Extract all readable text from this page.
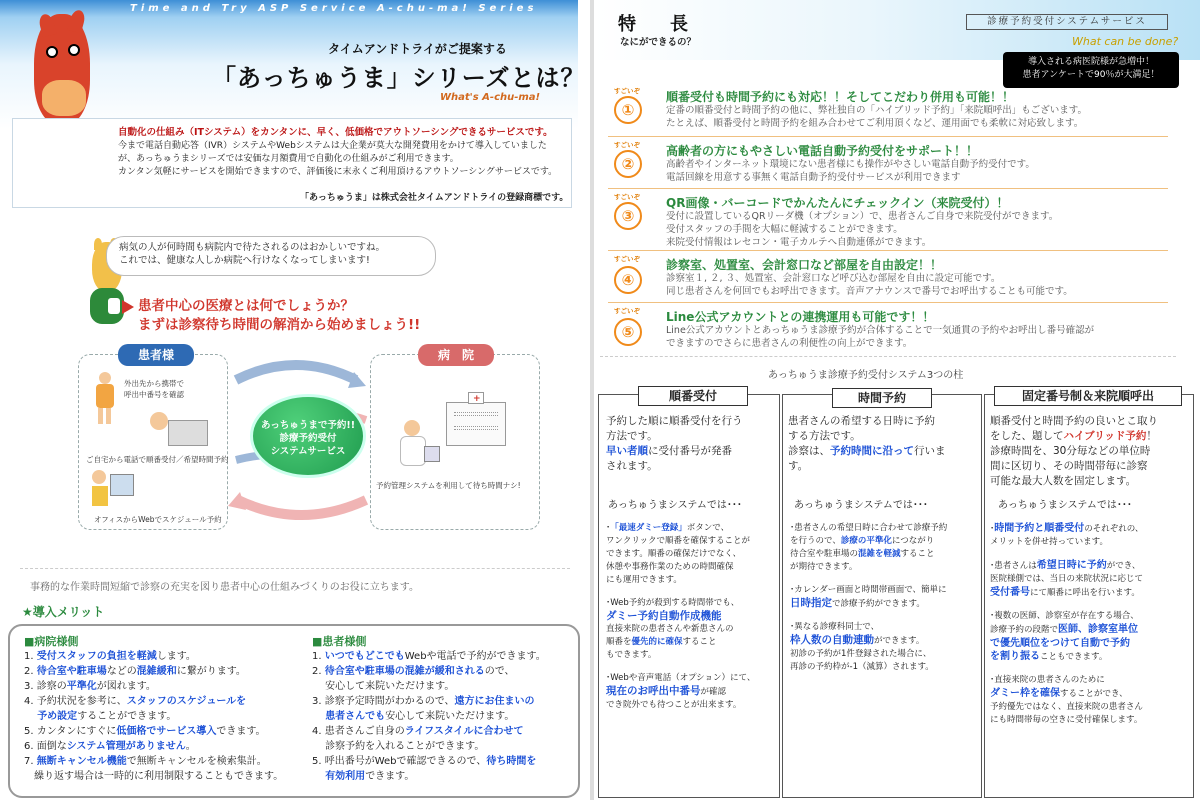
Time and Try ASP Service A-chu-ma! Series
タイムアンドトライがご提案する
「あっちゅうま」シリーズとは？
What's A-chu-ma!
自動化の仕組み（ITシステム）をカンタンに、早く、低価格でアウトソーシングできるサービスです。
今まで電話自動応答（IVR）システムやWebシステムは大企業が莫大な開発費用をかけて導入していました
が、あっちゅうまシリーズでは安価な月額費用で自動化の仕組みがご利用できます。
カンタン気軽にサービスを開始できますので、評価後に末永くご利用頂けるアウトソーシングサービスです。
「あっちゅうま」は株式会社タイムアンドトライの登録商標です。
病気の人が何時間も病院内で待たされるのはおかしいですね。
これでは、健康な人しか病院へ行けなくなってしまいます!
患者中心の医療とは何でしょうか？
まずは診察待ち時間の解消から始めましょう!!
患者様	病　院
あっちゅうまで予約!!
診療予約受付
システムサービス
外出先から携帯で
呼出中番号を確認
ご自宅から電話で順番受付／希望時間予約
オフィスからWebでスケジュール予約
+
予約管理システムを利用して待ち時間ナシ!
事務的な作業時間短縮で診察の充実を図り患者中心の仕組みづくりのお役に立ちます。
★導入メリット
■病院様側
1. 受付スタッフの負担を軽減します。
2. 待合室や駐車場などの混雑緩和に繋がります。
3. 診察の平準化が図れます。
4. 予約状況を参考に、スタッフのスケジュールを
　 予め設定することができます。
5. カンタンにすぐに低価格でサービス導入できます。
6. 面倒なシステム管理がありません。
7. 無断キャンセル機能で無断キャンセルを検索集計。
　繰り返す場合は一時的に利用制限することもできます。
■患者様側
1. いつでもどこでもWebや電話で予約ができます。
2. 待合室や駐車場の混雑が緩和されるので、
　 安心して来院いただけます。
3. 診察予定時間がわかるので、遠方にお住まいの
　 患者さんでも安心して来院いただけます。
4. 患者さんご自身のライフスタイルに合わせて
　 診察予約を入れることができます。
5. 呼出番号がWebで確認できるので、待ち時間を
　 有効利用できます。
特　長
なにができるの？
診療予約受付システムサービス
What can be done?
導入される病医院様が急増中！
患者アンケートで90％が大満足！
すごいぞ
①
順番受付も時間予約にも対応！！そしてこだわり併用も可能！！
定番の順番受付と時間予約の他に、弊社独自の「ハイブリッド予約」「来院順呼出」もございます。
たとえば、順番受付と時間予約を組み合わせてご利用頂くなど、運用面でも柔軟に対応致します。
すごいぞ
②
高齢者の方にもやさしい電話自動予約受付をサポート！！
高齢者やインターネット環境にない患者様にも操作がやさしい電話自動予約受付です。
電話回線を用意する事無く電話自動予約受付サービスが利用できます
すごいぞ
③
QR画像・バーコードでかんたんにチェックイン（来院受付）！
受付に設置しているQRリーダ機（オプション）で、患者さんご自身で来院受付ができます。
受付スタッフの手間を大幅に軽減することができます。
来院受付情報はレセコン・電子カルテへ自動連係ができます。
すごいぞ
④
診察室、処置室、会計窓口など部屋を自由設定！！
診察室１, ２, ３、処置室、会計窓口など呼び込む部屋を自由に設定可能です。
同じ患者さんを何回でもお呼出できます。音声アナウンスで番号でお呼出することも可能です。
すごいぞ
⑤
Line公式アカウントとの連携運用も可能です！！
Line公式アカウントとあっちゅうま診療予約が合体することで一気通貫の予約やお呼出し番号確認が
できますのでさらに患者さんの利便性の向上ができます。
あっちゅうま診療予約受付システム3つの柱
順番受付
予約した順に順番受付を行う
方法です。
早い者順に受付番号が発番
されます。
あっちゅうまシステムでは･･･
･「最速ダミー登録」ボタンで、
ワンクリックで順番を確保することが
できます。順番の確保だけでなく、
休憩や事務作業のための時間確保
にも運用できます。
･Web予約が殺到する時間帯でも、
ダミー予約自動作成機能
直接来院の患者さんや新患さんの
順番を優先的に確保すること
もできます。
･Webや音声電話（オプション）にて、
現在のお呼出中番号が確認
でき院外でも待つことが出来ます。
時間予約
患者さんの希望する日時に予約
する方法です。
診察は、予約時間に沿って行いま
す。
あっちゅうまシステムでは･･･
･患者さんの希望日時に合わせて診療予約
を行うので、診療の平準化につながり
待合室や駐車場の混雑を軽減すること
が期待できます。
･カレンダー画面と時間帯画面で、簡単に
日時指定で診療予約ができます。
･異なる診療科同士で、
枠人数の自動連動ができます。
初診の予約が1件登録された場合に、
再診の予約枠が-1（減算）されます。
固定番号制＆来院順呼出
順番受付と時間予約の良いとこ取り
をした、題してハイブリッド予約！
診療時間を、30分毎などの単位時
間に区切り、その時間帯毎に診察
可能な最大人数を固定します。
あっちゅうまシステムでは･･･
･時間予約と順番受付のそれぞれの、
メリットを併せ持っています。
･患者さんは希望日時に予約ができ、
医院様側では、当日の来院状況に応じて
受付番号にて順番に呼出を行います。
･複数の医師、診察室が存在する場合、
診療予約の段階で医師、診察室単位
で優先順位をつけて自動で予約
を割り振ることもできます。
･直接来院の患者さんのために
ダミー枠を確保することができ、
予約優先ではなく、直接来院の患者さん
にも時間帯毎の空きに受付確保します。
